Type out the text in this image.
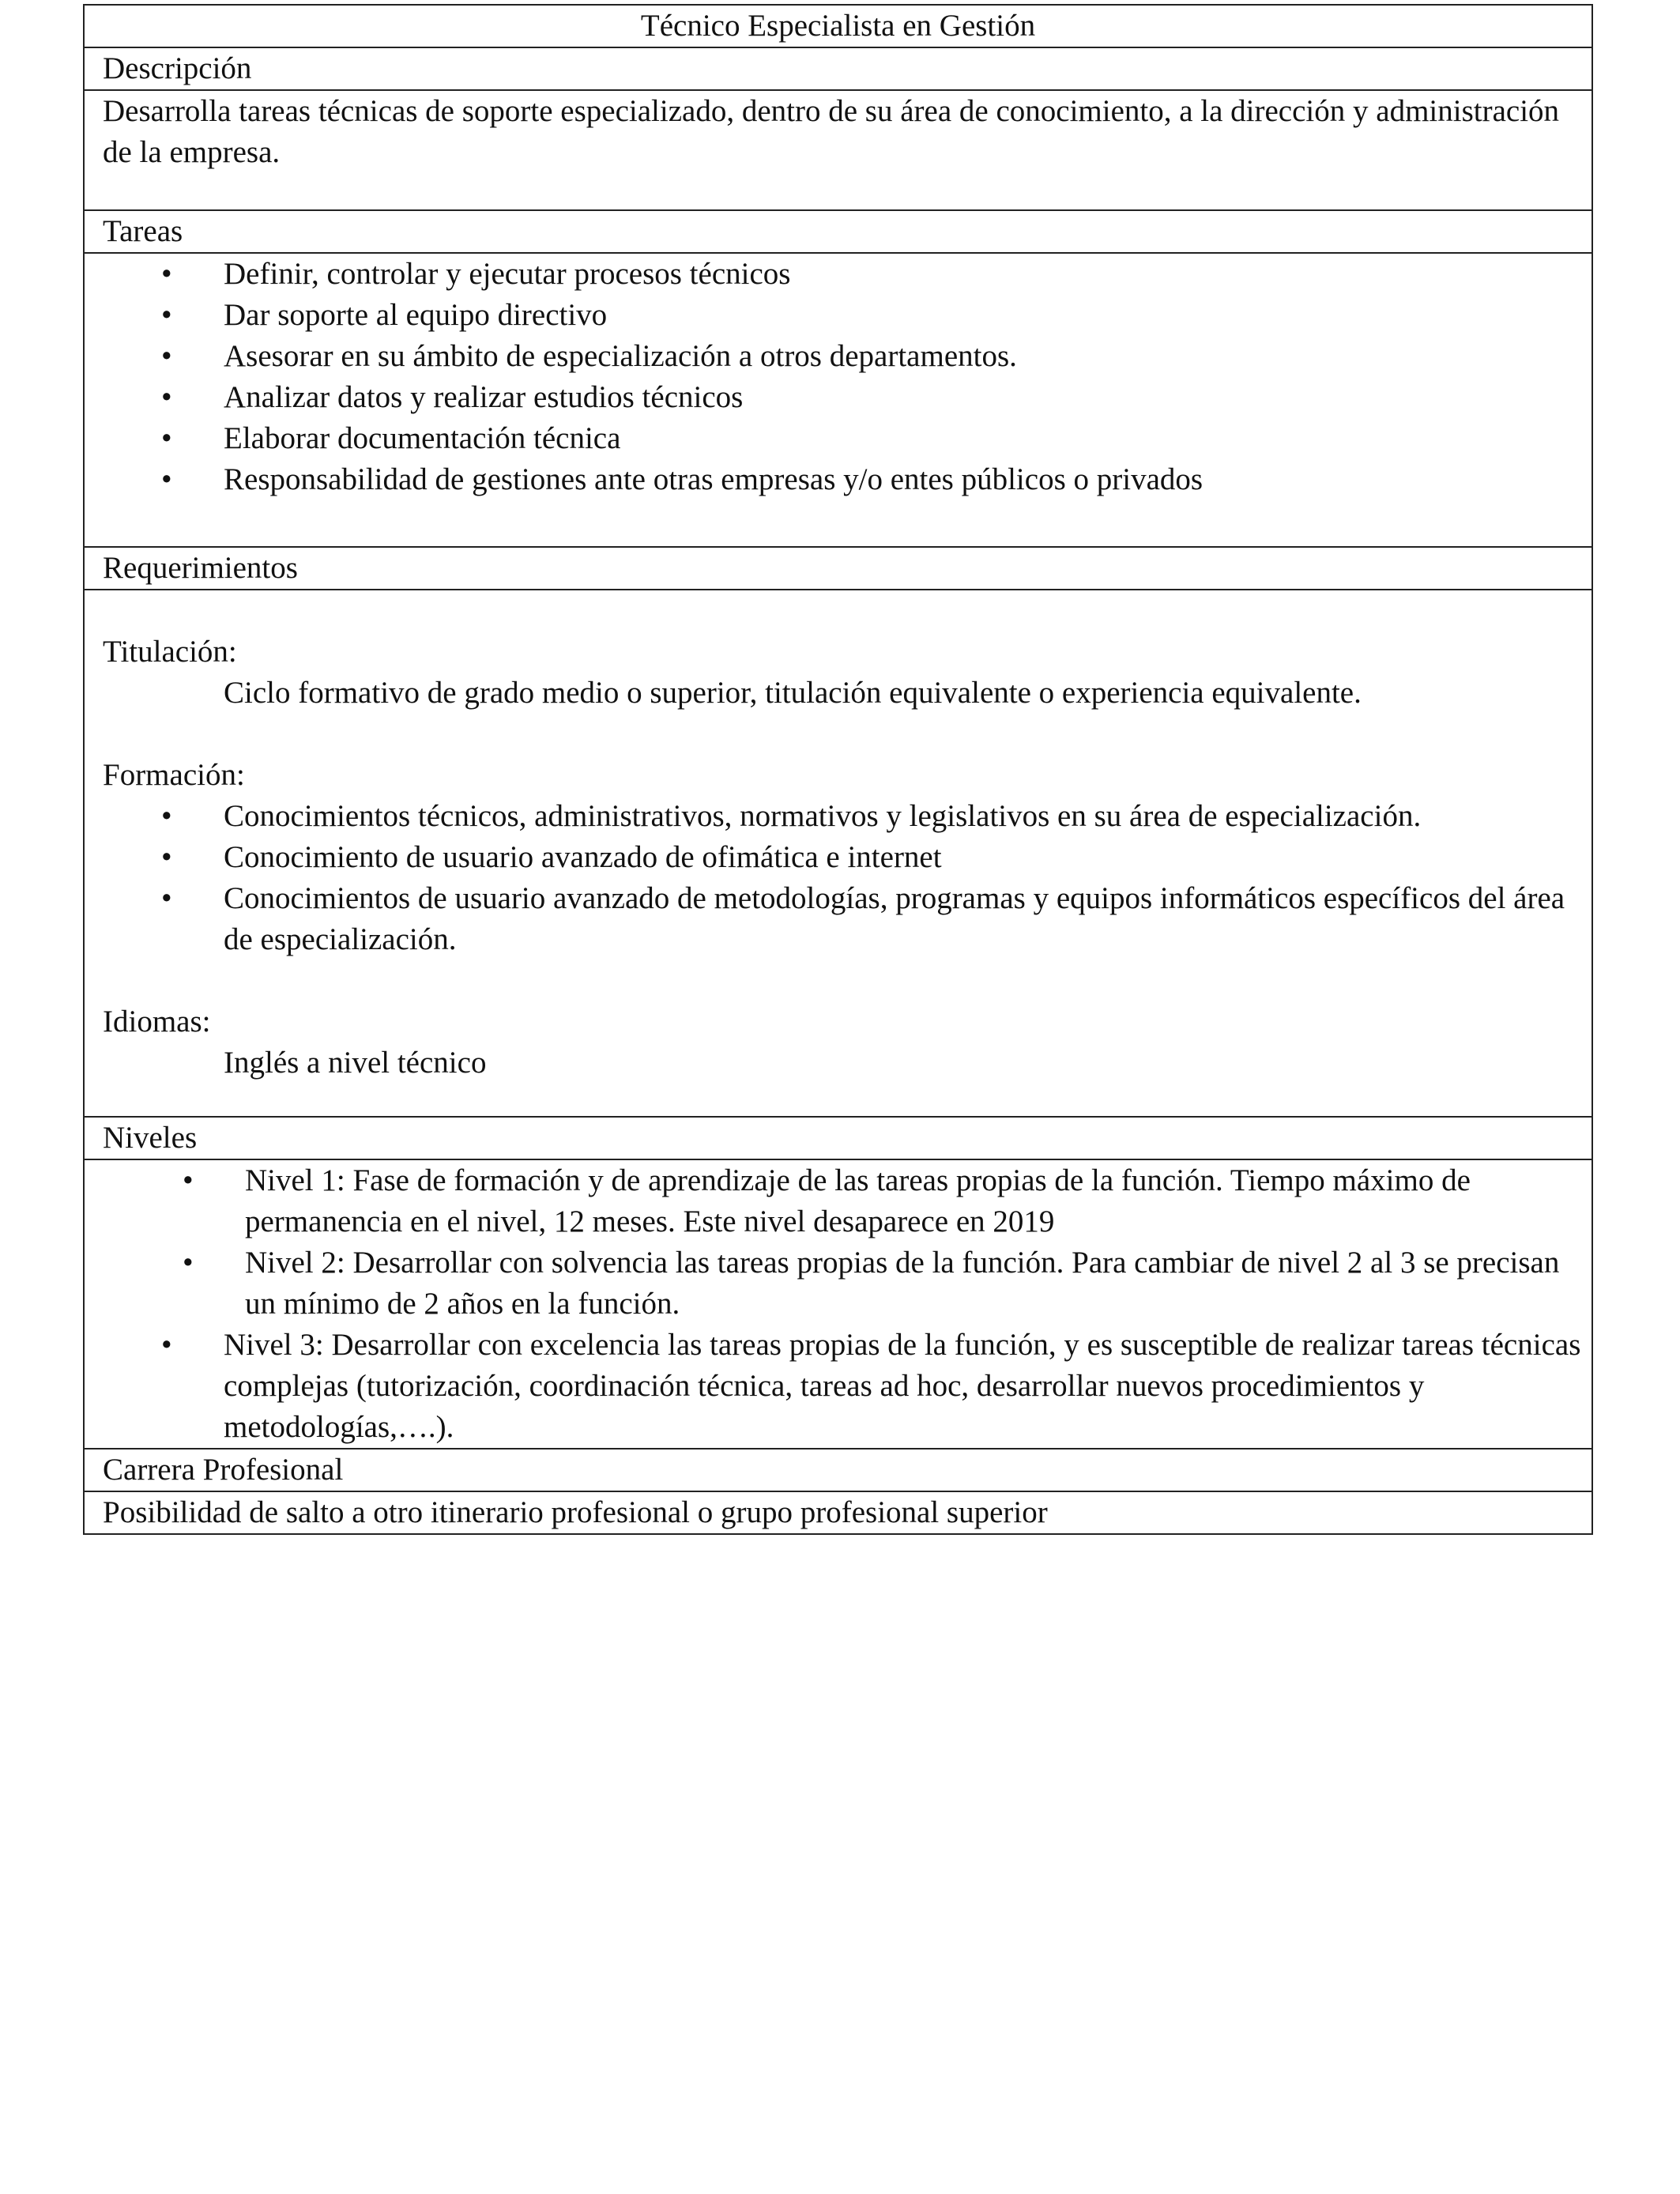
Técnico Especialista en Gestión
Descripción
Desarrolla tareas técnicas de soporte especializado, dentro de su área de conocimiento, a la dirección y administración de la empresa.
Tareas

• Definir, controlar y ejecutar procesos técnicos
• Dar soporte al equipo directivo
• Asesorar en su ámbito de especialización a otros departamentos.
• Analizar datos y realizar estudios técnicos
• Elaborar documentación técnica
• Responsabilidad de gestiones ante otras empresas y/o entes públicos o privados

Requerimientos

Titulación:
Ciclo formativo de grado medio o superior, titulación equivalente o experiencia equivalente.
Formación:
• Conocimientos técnicos, administrativos, normativos y legislativos en su área de especialización.
• Conocimiento de usuario avanzado de ofimática e internet
• Conocimientos de usuario avanzado de metodologías, programas y equipos informáticos específicos del área de especialización.
Idiomas:
Inglés a nivel técnico

Niveles

• Nivel 1: Fase de formación y de aprendizaje de las tareas propias de la función. Tiempo máximo de permanencia en el nivel, 12 meses. Este nivel desaparece en 2019
• Nivel 2: Desarrollar con solvencia las tareas propias de la función. Para cambiar de nivel 2 al 3 se precisan un mínimo de 2 años en la función.
• Nivel 3: Desarrollar con excelencia las tareas propias de la función, y es susceptible de realizar tareas técnicas complejas (tutorización, coordinación técnica, tareas ad hoc, desarrollar nuevos procedimientos y metodologías,….).

Carrera Profesional
Posibilidad de salto a otro itinerario profesional o grupo profesional superior
